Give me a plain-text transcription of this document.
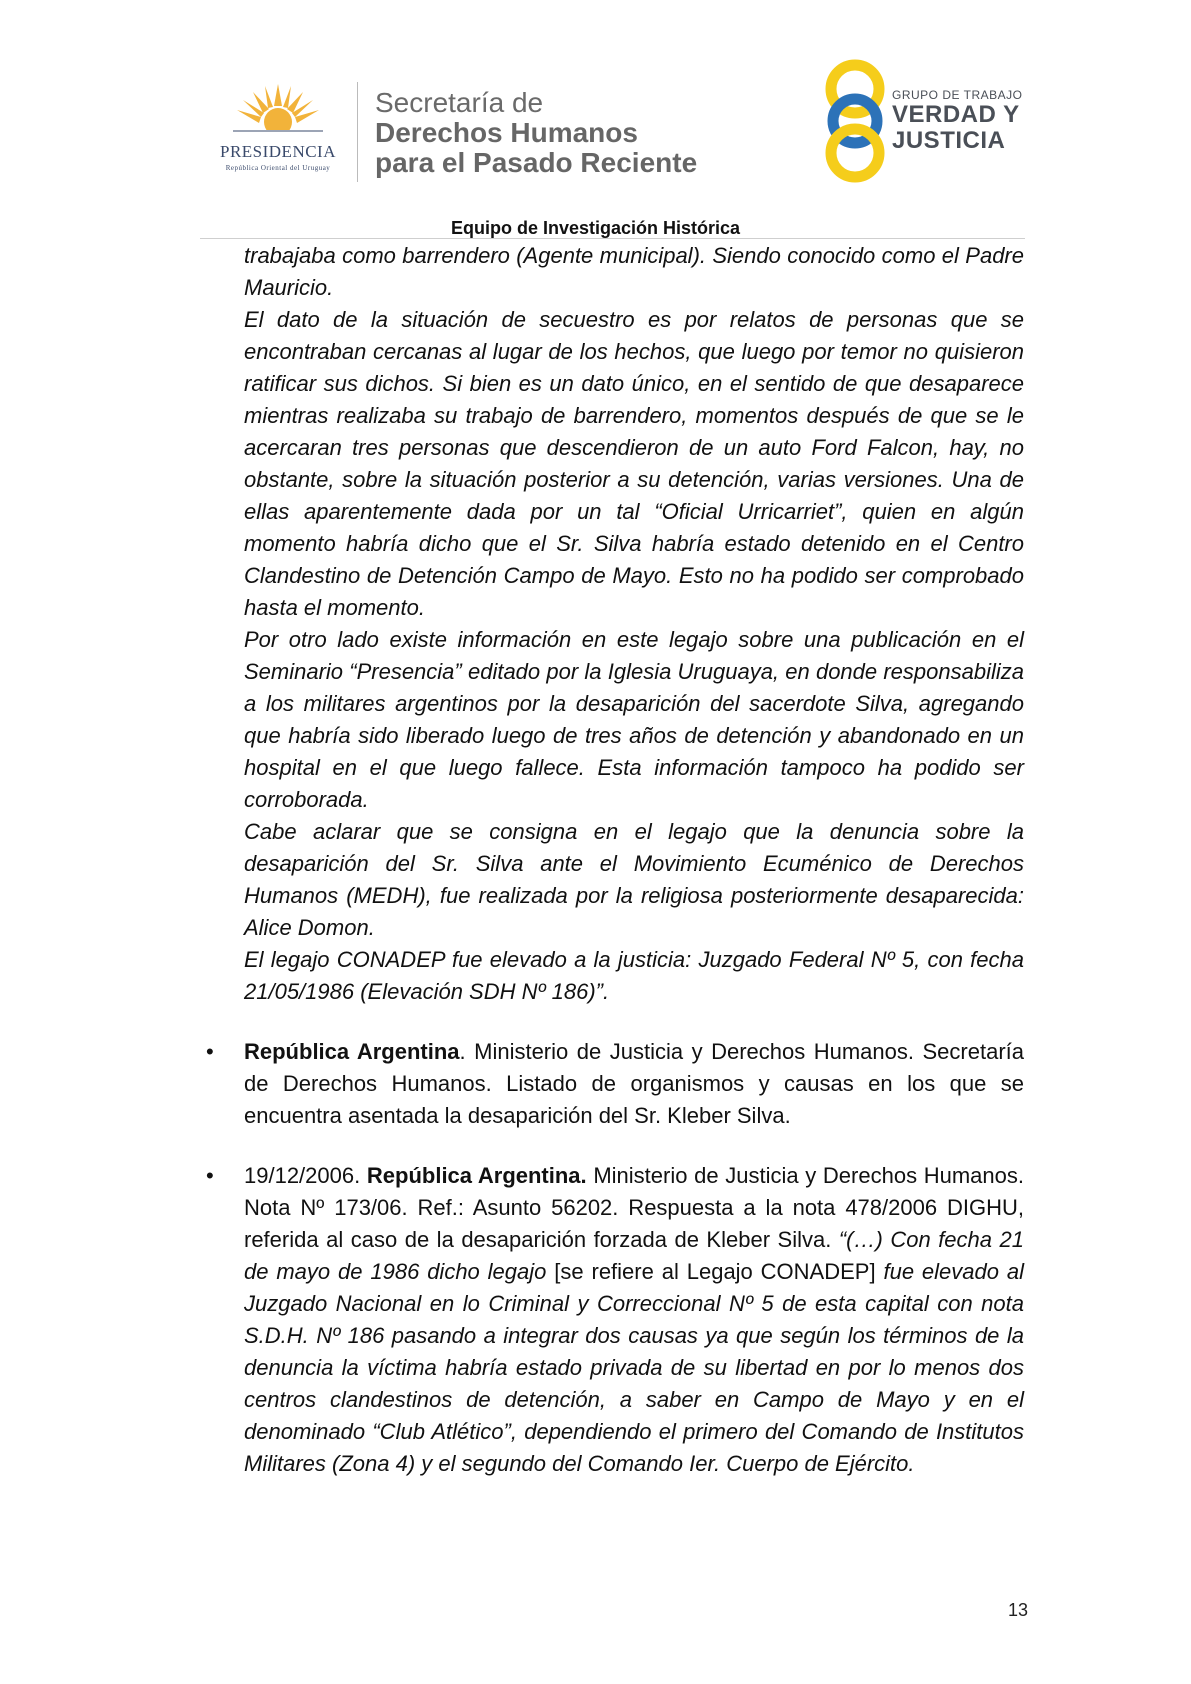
PRESIDENCIA
República Oriental del Uruguay
Secretaría de
Derechos Humanos
para el Pasado Reciente
GRUPO DE TRABAJO
VERDAD Y
JUSTICIA
Equipo de Investigación Histórica

trabajaba como barrendero (Agente municipal). Siendo conocido como el Padre Mauricio.

El dato de la situación de secuestro es por relatos de personas que se encontraban cercanas al lugar de los hechos, que luego por temor no quisieron ratificar sus dichos. Si bien es un dato único, en el sentido de que desaparece mientras realizaba su trabajo de barrendero, momentos después de que se le acercaran tres personas que descendieron de un auto Ford Falcon, hay, no obstante, sobre la situación posterior a su detención, varias versiones. Una de ellas aparentemente dada por un tal “Oficial Urricarriet”, quien en algún momento habría dicho que el Sr. Silva habría estado detenido en el Centro Clandestino de Detención Campo de Mayo. Esto no ha podido ser comprobado hasta el momento.

Por otro lado existe información en este legajo sobre una publicación en el Seminario “Presencia” editado por la Iglesia Uruguaya, en donde responsabiliza a los militares argentinos por la desaparición del sacerdote Silva, agregando que habría sido liberado luego de tres años de detención y abandonado en un hospital en el que luego fallece. Esta información tampoco ha podido ser corroborada.

Cabe aclarar que se consigna en el legajo que la denuncia sobre la desaparición del Sr. Silva ante el Movimiento Ecuménico de Derechos Humanos (MEDH), fue realizada por la religiosa posteriormente desaparecida: Alice Domon.

El legajo CONADEP fue elevado a la justicia: Juzgado Federal Nº 5, con fecha 21/05/1986 (Elevación SDH Nº 186)”.

• República Argentina. Ministerio de Justicia y Derechos Humanos. Secretaría de Derechos Humanos. Listado de organismos y causas en los que se encuentra asentada la desaparición del Sr. Kleber Silva.
• 19/12/2006. República Argentina. Ministerio de Justicia y Derechos Humanos. Nota Nº 173/06. Ref.: Asunto 56202. Respuesta a la nota 478/2006 DIGHU, referida al caso de la desaparición forzada de Kleber Silva. “(…) Con fecha 21 de mayo de 1986 dicho legajo [se refiere al Legajo CONADEP] fue elevado al Juzgado Nacional en lo Criminal y Correccional Nº 5 de esta capital con nota S.D.H. Nº 186 pasando a integrar dos causas ya que según los términos de la denuncia la víctima habría estado privada de su libertad en por lo menos dos centros clandestinos de detención, a saber en Campo de Mayo y en el denominado “Club Atlético”, dependiendo el primero del Comando de Institutos Militares (Zona 4) y el segundo del Comando Ier. Cuerpo de Ejército.
13
